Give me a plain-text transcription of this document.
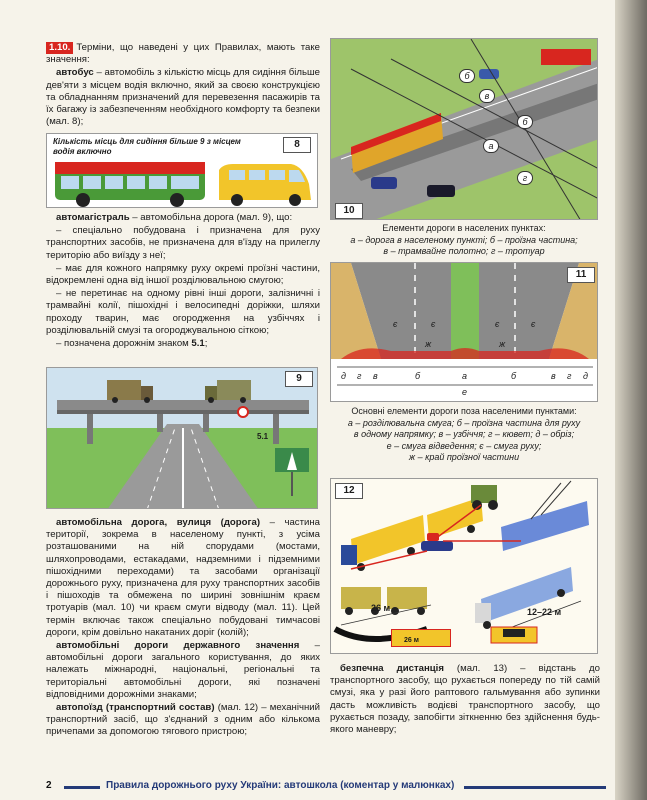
1.10. Терміни, що наведені у цих Правилах, мають таке значення:

автобус – автомобіль з кількістю місць для сидіння більше дев'яти з місцем водія включно, який за своєю конструкцією та обладнанням призначений для перевезення пасажирів та їх багажу із забезпеченням необхідного комфорту та безпеки (мал. 8);

Кількість місць для сидіння більше 9 з місцем водія включно
8

автомагістраль – автомобільна дорога (мал. 9), що:

– спеціально побудована і призначена для руху транспортних засобів, не призначена для в'їзду на прилеглу територію або виїзду з неї;

– має для кожного напрямку руху окремі проїзні частини, відокремлені одна від іншої розділювальною смугою;

– не перетинає на одному рівні інші дороги, залізничні і трамвайні колії, пішохідні і велосипедні доріжки, шляхи проходу тварин, має огородження на узбіччях і розділювальній смузі та огороджувальною сіткою;

– позначена дорожнім знаком 5.1;

9
5.1

автомобільна дорога, вулиця (дорога) – частина території, зокрема в населеному пункті, з усіма розташованими на ній спорудами (мостами, шляхопроводами, естакадами, надземними і підземними пішохідними переходами) та засобами організації дорожнього руху, призначена для руху транспортних засобів і пішоходів та обмежена по ширині зовнішнім краєм тротуарів (мал. 10) чи краєм смуги відводу (мал. 11). Цей термін включає також спеціально побудовані тимчасові дороги, крім довільно накатаних доріг (колій);

автомобільні дороги державного значення – автомобільні дороги загального користування, до яких належать міжнародні, національні, регіональні та територіальні автомобільні дороги, які позначені відповідними дорожніми знаками;

автопоїзд (транспортний состав) (мал. 12) – механічний транспортний засіб, що з'єднаний з одним або кількома причепами за допомогою тягового пристрою;

б
в
б
а
г
10
Елементи дороги в населених пунктах:
а – дорога в населеному пункті; б – проїзна частина;
в – трамвайне полотно; г – тротуар
є	є	є	є
ж	ж
д г в	б	а	б	в г д
е
11
Основні елементи дороги поза населеними пунктами:
а – розділювальна смуга; б – проїзна частина для руху
в одному напрямку; в – узбіччя; г – кювет; д – обріз;
е – смуга відведення; є – смуга руху;
ж – край проїзної частини
26 м	12–22 м
26 м
12

безпечна дистанція (мал. 13) – відстань до транспортного засобу, що рухається попереду по тій самій смузі, яка у разі його раптового гальмування або зупинки дасть можливість водієві транспортного засобу, що рухається позаду, запобігти зіткненню без здійснення будь-якого маневру;

2	Правила дорожнього руху України: автошкола (коментар у малюнках)
